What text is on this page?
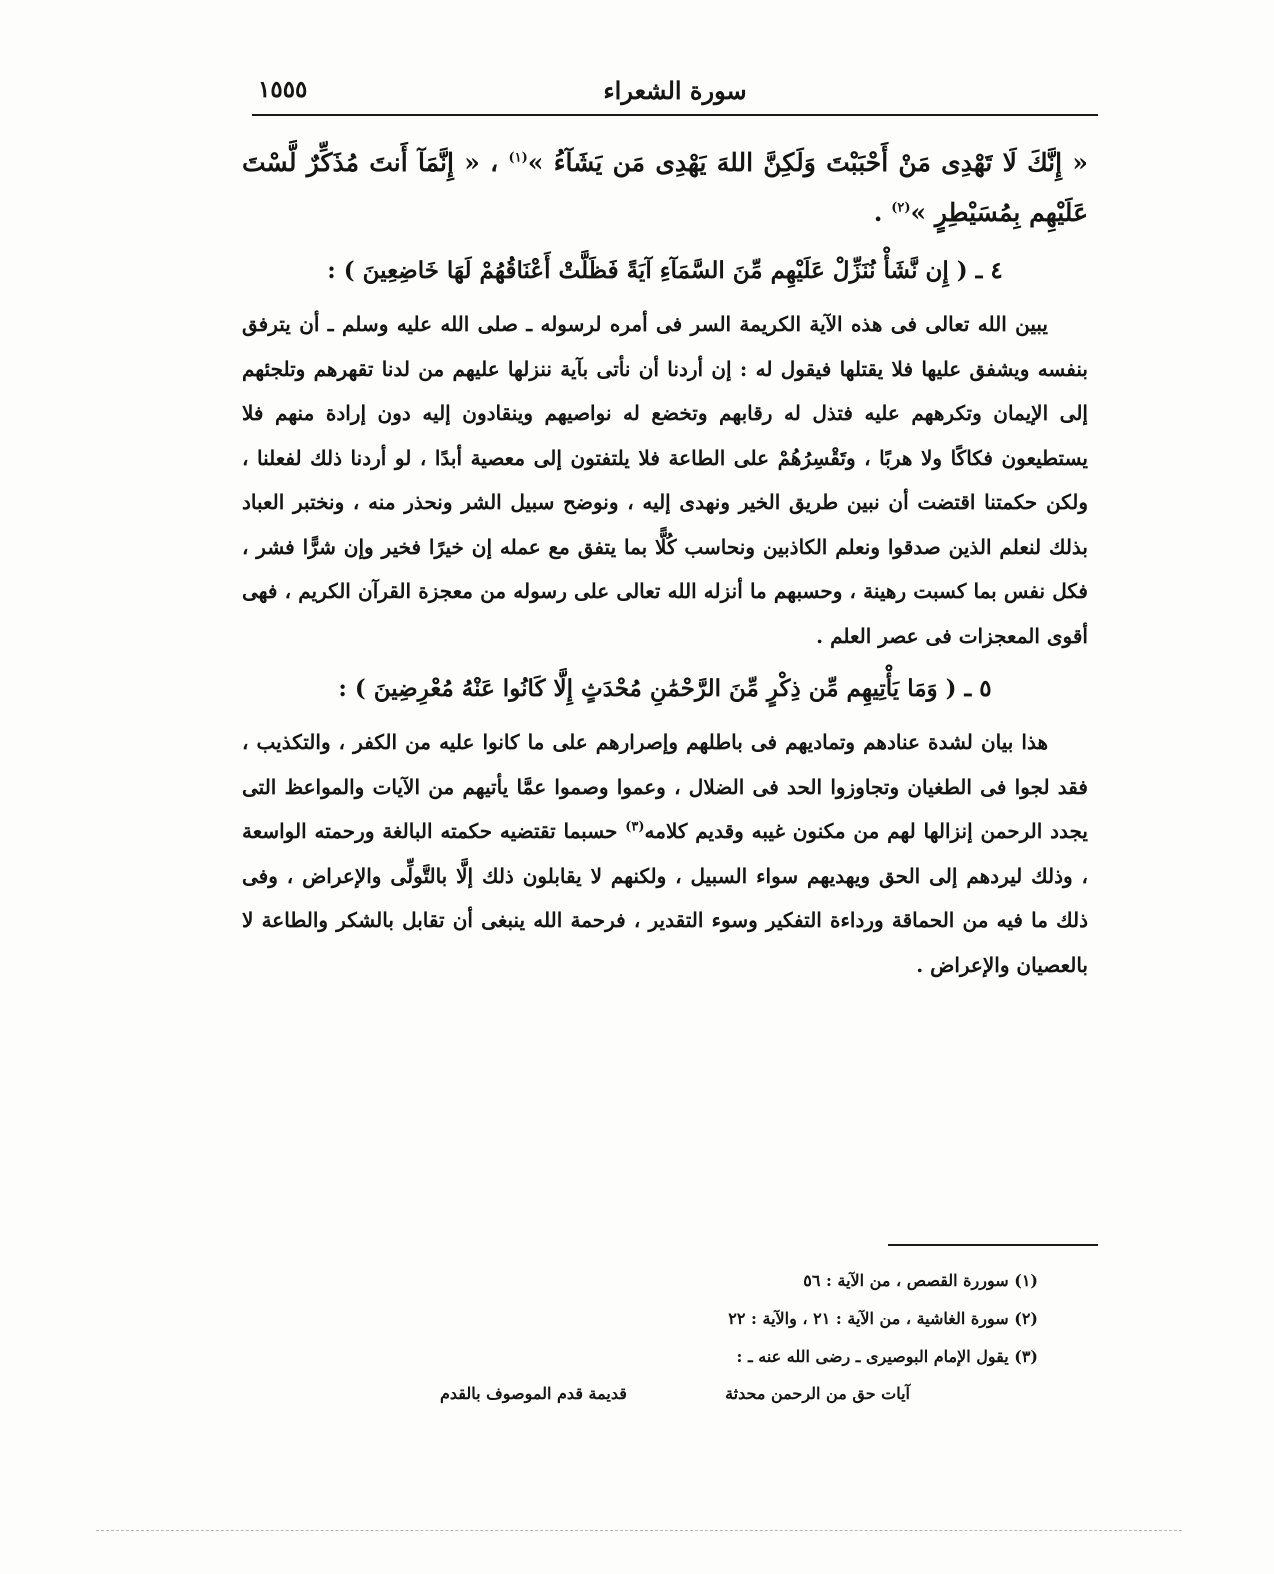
سورة الشعراء
١٥٥٥
« إِنَّكَ لَا تَهْدِى مَنْ أَحْبَبْتَ وَلَكِنَّ اللهَ يَهْدِى مَن يَشَآءُ »$^{(١)}$ ، « إِنَّمَآ أَنتَ مُذَكِّرٌ لَّسْتَ عَلَيْهِم بِمُسَيْطِرٍ »$^{(٢)}$ .

٤ ـ ( إِن نَّشَأْ نُنَزِّلْ عَلَيْهِم مِّنَ السَّمَآءِ آيَةً فَظَلَّتْ أَعْنَاقُهُمْ لَهَا خَاضِعِينَ ) :

يبين الله تعالى فى هذه الآية الكريمة السر فى أمره لرسوله ـ صلى الله عليه وسلم ـ أن يترفق بنفسه ويشفق عليها فلا يقتلها فيقول له : إن أردنا أن نأتى بآية ننزلها عليهم من لدنا تقهرهم وتلجئهم إلى الإيمان وتكرههم عليه فتذل له رقابهم وتخضع له نواصيهم وينقادون إليه دون إرادة منهم فلا يستطيعون فكاكًا ولا هربًا ، وتَقْسِرُهُمْ على الطاعة فلا يلتفتون إلى معصية أبدًا ، لو أردنا ذلك لفعلنا ، ولكن حكمتنا اقتضت أن نبين طريق الخير ونهدى إليه ، ونوضح سبيل الشر ونحذر منه ، ونختبر العباد بذلك لنعلم الذين صدقوا ونعلم الكاذبين ونحاسب كُلًّا بما يتفق مع عمله إن خيرًا فخير وإن شرًّا فشر ، فكل نفس بما كسبت رهينة ، وحسبهم ما أنزله الله تعالى على رسوله من معجزة القرآن الكريم ، فهى أقوى المعجزات فى عصر العلم .

٥ ـ ( وَمَا يَأْتِيهِم مِّن ذِكْرٍ مِّنَ الرَّحْمَٰنِ مُحْدَثٍ إِلَّا كَانُوا عَنْهُ مُعْرِضِينَ ) :

هذا بيان لشدة عنادهم وتماديهم فى باطلهم وإصرارهم على ما كانوا عليه من الكفر ، والتكذيب ، فقد لجوا فى الطغيان وتجاوزوا الحد فى الضلال ، وعموا وصموا عمَّا يأتيهم من الآيات والمواعظ التى يجدد الرحمن إنزالها لهم من مكنون غيبه وقديم كلامه$^{(٣)}$ حسبما تقتضيه حكمته البالغة ورحمته الواسعة ، وذلك ليردهم إلى الحق ويهديهم سواء السبيل ، ولكنهم لا يقابلون ذلك إلَّا بالتَّولِّى والإعراض ، وفى ذلك ما فيه من الحماقة ورداءة التفكير وسوء التقدير ، فرحمة الله ينبغى أن تقابل بالشكر والطاعة لا بالعصيان والإعراض .

(١) سوررة القصص ، من الآية : ٥٦
(٢) سورة الغاشية ، من الآية : ٢١ ، والآية : ٢٢
(٣) يقول الإمام البوصيرى ـ رضى الله عنه ـ :
آيات حق من الرحمن محدثة
قديمة قدم الموصوف بالقدم
